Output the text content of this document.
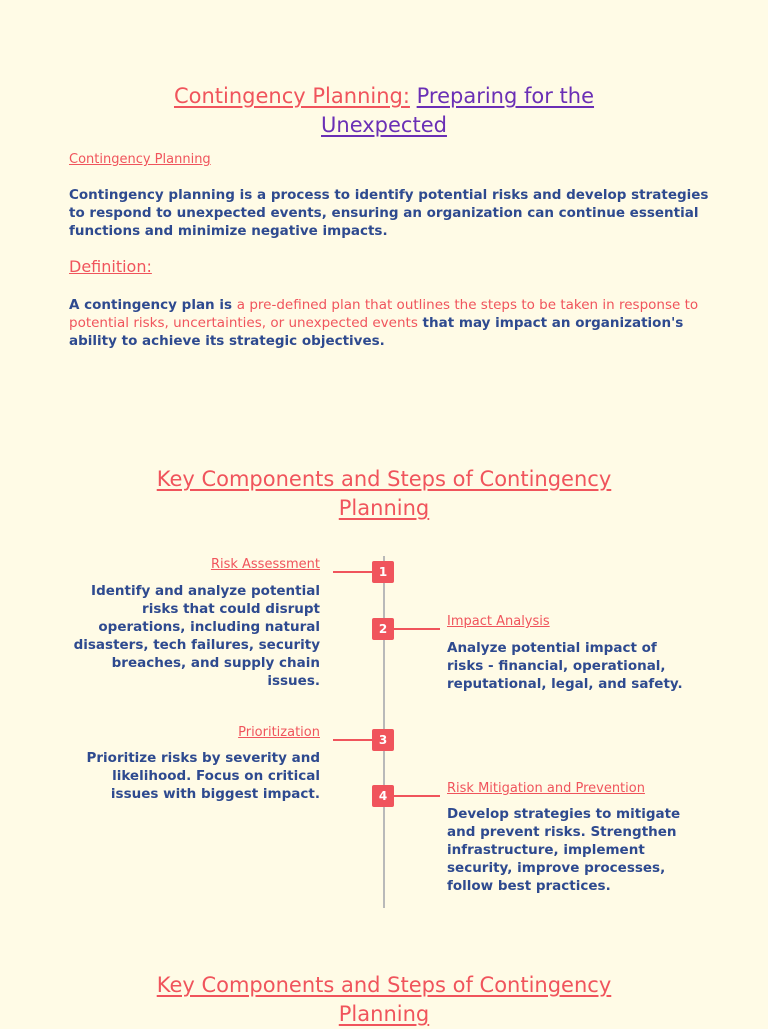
Contingency Planning: Preparing for the
Unexpected
Contingency Planning
Contingency planning is a process to identify potential risks and develop strategies to respond to unexpected events, ensuring an organization can continue essential functions and minimize negative impacts.
Definition:
A contingency plan is a pre-defined plan that outlines the steps to be taken in response to potential risks, uncertainties, or unexpected events that may impact an organization's ability to achieve its strategic objectives.
Key Components and Steps of Contingency
Planning
Risk Assessment	1
Identify and analyze potential risks that could disrupt operations, including natural disasters, tech failures, security breaches, and supply chain issues.
2	Impact Analysis
Analyze potential impact of risks - financial, operational, reputational, legal, and safety.
Prioritization	3
Prioritize risks by severity and likelihood. Focus on critical issues with biggest impact.	4	Risk Mitigation and Prevention
Develop strategies to mitigate and prevent risks. Strengthen infrastructure, implement security, improve processes, follow best practices.
Key Components and Steps of Contingency
Planning
